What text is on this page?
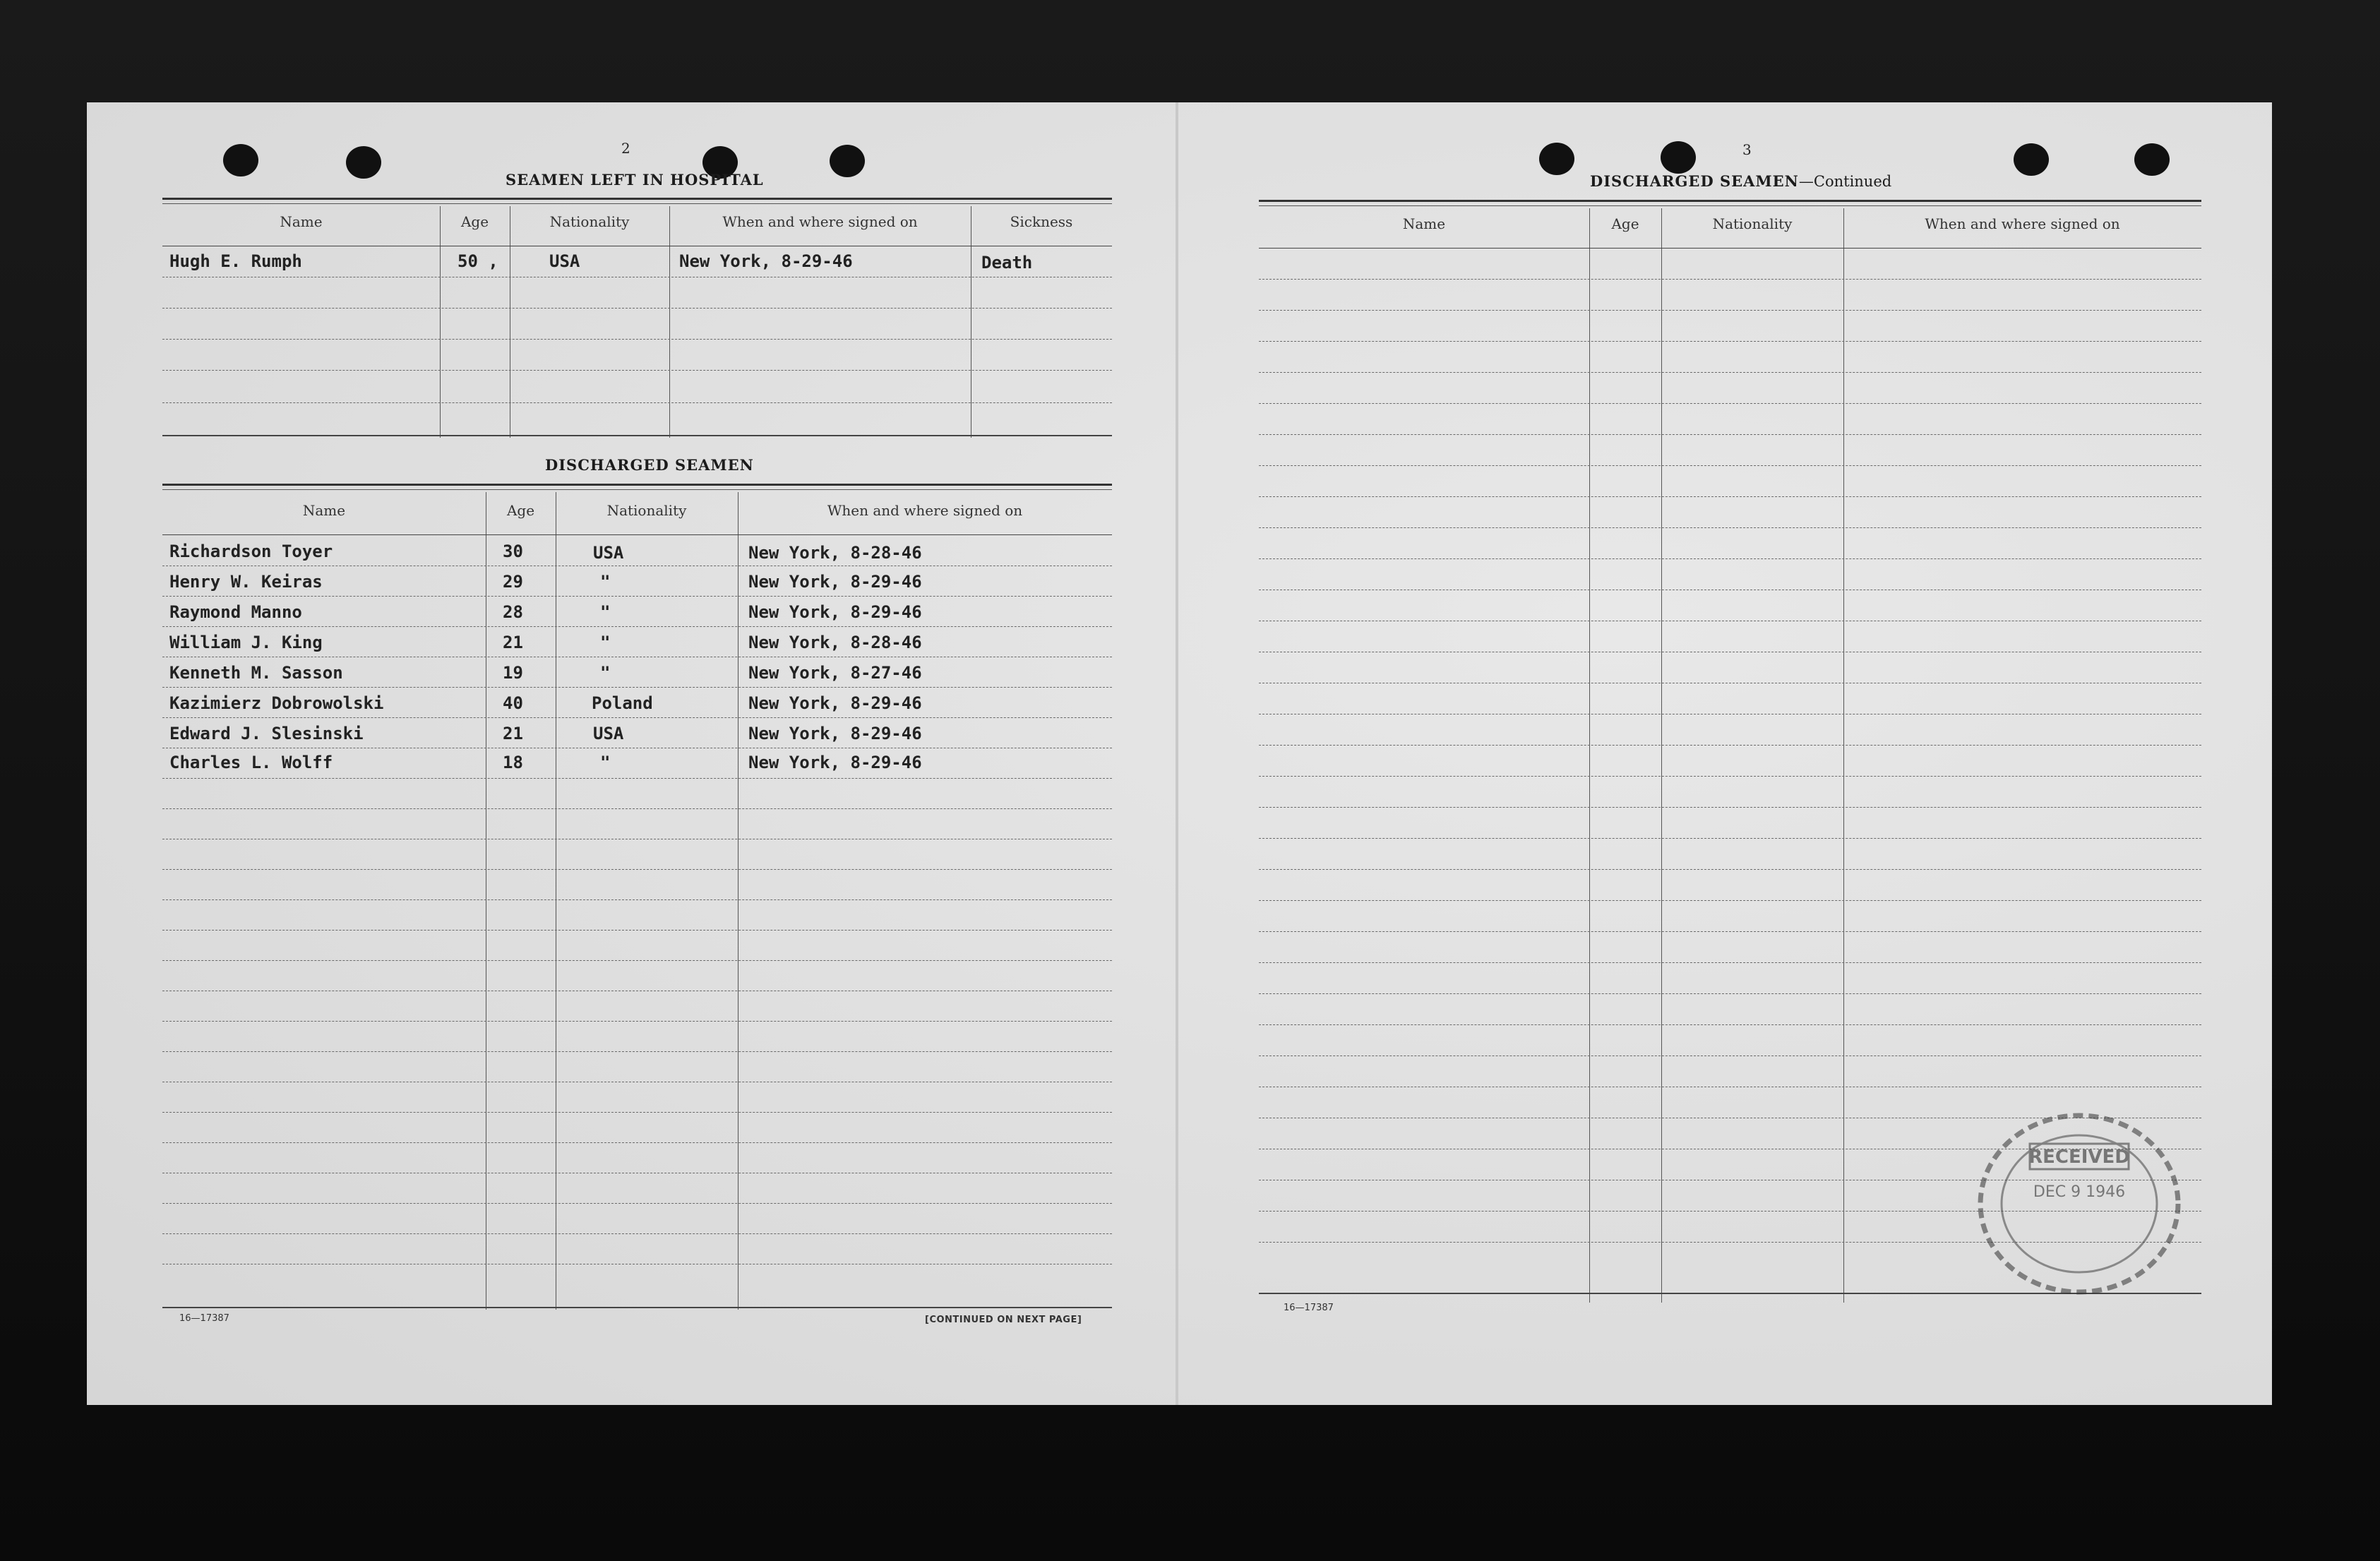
2
SEAMEN LEFT IN HOSPITAL
Name	Age	Nationality	When and where signed on	Sickness
Hugh E. Rumph	50 ,	USA	New York, 8-29-46	Death
DISCHARGED SEAMEN
Name	Age	Nationality	When and where signed on
Richardson Toyer	30	USA	New York, 8-28-46
Henry W. Keiras	29	"	New York, 8-29-46
Raymond Manno	28	"	New York, 8-29-46
William J. King	21	"	New York, 8-28-46
Kenneth M. Sasson	19	"	New York, 8-27-46
Kazimierz Dobrowolski	40	Poland	New York, 8-29-46
Edward J. Slesinski	21	USA	New York, 8-29-46
Charles L. Wolff	18	"	New York, 8-29-46
16—17387	[CONTINUED ON NEXT PAGE]
3
DISCHARGED SEAMEN—Continued
Name	Age	Nationality	When and where signed on
16—17387
RECEIVED
DEC 9 1946
